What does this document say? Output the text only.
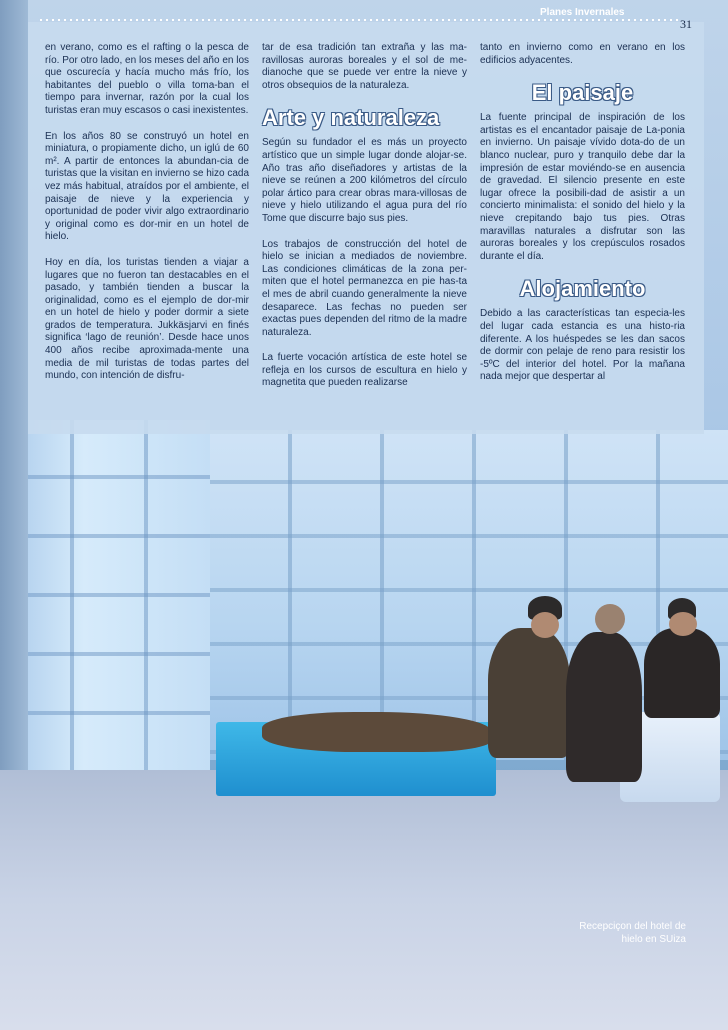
Planes Invernales
31

en verano, como es el rafting o la pesca de río. Por otro lado, en los meses del año en los que oscurecía y hacía mucho más frío, los habitantes del pueblo o villa toma-ban el tiempo para invernar, razón por la cual los turistas eran muy escasos o casi inexistentes.

En los años 80 se construyó un hotel en miniatura, o propiamente dicho, un iglú de 60 m². A partir de entonces la abundan-cia de turistas que la visitan en invierno se hizo cada vez más habitual, atraídos por el ambiente, el paisaje de nieve y la experiencia y oportunidad de poder vivir algo extraordinario y original como es dor-mir en un hotel de hielo.

Hoy en día, los turistas tienden a viajar a lugares que no fueron tan destacables en el pasado, y también tienden a buscar la originalidad, como es el ejemplo de dor-mir en un hotel de hielo y poder dormir a siete grados de temperatura. Jukkäsjarvi en finés significa ‘lago de reunión’. Desde hace unos 400 años recibe aproximada-mente una media de mil turistas de todas partes del mundo, con intención de disfru-

tar de esa tradición tan extraña y las ma-ravillosas auroras boreales y el sol de me-dianoche que se puede ver entre la nieve y otros obsequios de la naturaleza.

Arte y naturaleza

Según su fundador el es más un proyecto artístico que un simple lugar donde alojar-se. Año tras año diseñadores y artistas de la nieve se reúnen a 200 kilómetros del círculo polar ártico para crear obras mara-villosas de nieve y hielo utilizando el agua pura del río Tome que discurre bajo sus pies.

Los trabajos de construcción del hotel de hielo se inician a mediados de noviembre. Las condiciones climáticas de la zona per-miten que el hotel permanezca en pie has-ta el mes de abril cuando generalmente la nieve desaparece. Las fechas no pueden ser exactas pues dependen del ritmo de la madre naturaleza.

La fuerte vocación artística de este hotel se refleja en los cursos de escultura en hielo y magnetita que pueden realizarse

tanto en invierno como en verano en los edificios adyacentes.

El paisaje

La fuente principal de inspiración de los artistas es el encantador paisaje de La-ponia en invierno. Un paisaje vívido dota-do de un blanco nuclear, puro y tranquilo debe dar la impresión de estar moviéndo-se en ausencia de gravedad. El silencio presente en este lugar ofrece la posibili-dad de asistir a un concierto minimalista: el sonido del hielo y la nieve crepitando bajo tus pies. Otras maravillas naturales a disfrutar son las auroras boreales y los crepúsculos rosados durante el día.

Alojamiento

Debido a las características tan especia-les del lugar cada estancia es una histo-ria diferente. A los huéspedes se les dan sacos de dormir con pelaje de reno para resistir los -5ºC del interior del hotel. Por la mañana nada mejor que despertar al

Recepciçon del hotel de hielo en SUiza
